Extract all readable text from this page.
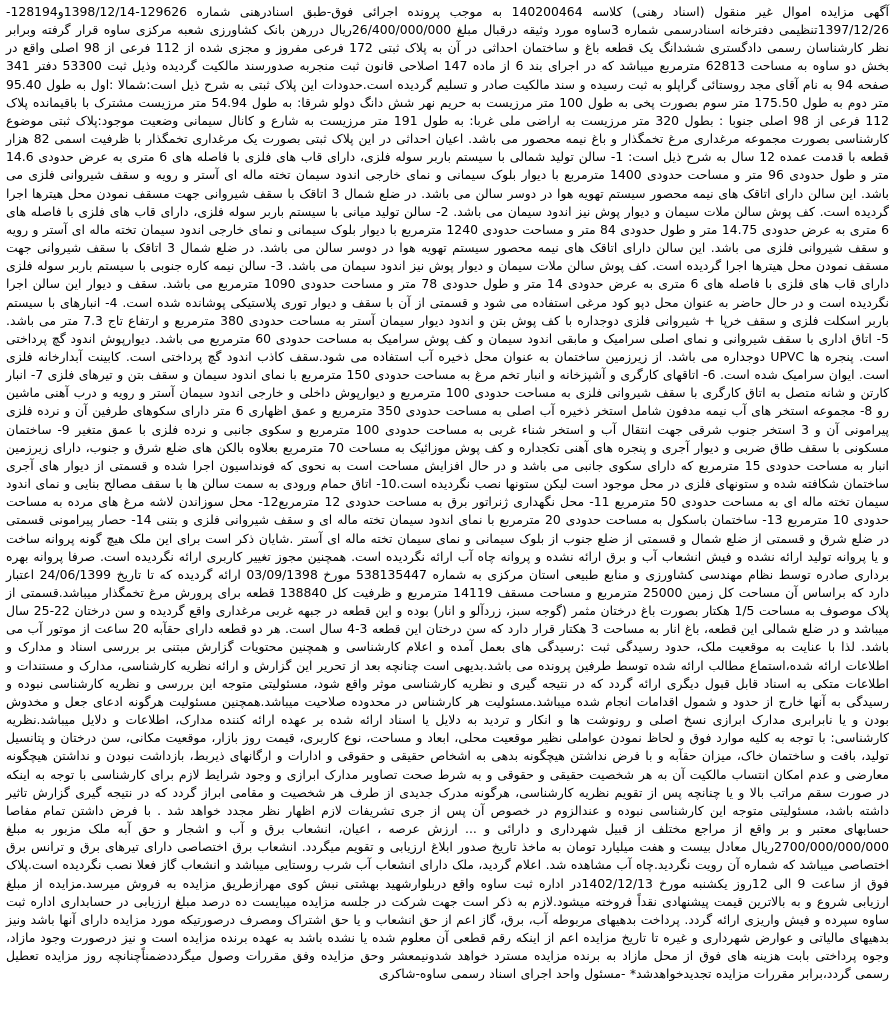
آگهی مزایده اموال غیر منقول (اسناد رهنی) کلاسه 140200464 به موجب پرونده اجرائی فوق-طبق اسنادرهنی شماره 129626-1398/12/14و128194-1397/12/26تنظیمی دفترخانه اسنادرسمی شماره 3ساوه مورد وثیقه درقبال مبلغ 26/400/000/000ریال دررهن بانک کشاورزی شعبه مرکزی ساوه قرار گرفته وبرابر نظر کارشناسان رسمی دادگستری ششدانگ یک قطعه باغ و ساختمان احداثی در آن به پلاک ثبتی 172 فرعی مفروز و مجزی شده از 112 فرعی از 98 اصلی واقع در بخش دو ساوه به مساحت 62813 مترمربع میباشد که در اجرای بند 6 از ماده 147 اصلاحی قانون ثبت منجربه صدورسند مالکیت گردیده وذیل ثبت 53300 دفتر 341 صفحه 94 به نام آقای مجد روستائی گراپلو به ثبت رسیده و سند مالکیت صادر و تسلیم گردیده است.حدودات این پلاک ثبتی به شرح ذیل است:شمالا :اول به طول 95.40 متر دوم به طول 175.50 متر سوم بصورت پخی به طول 100 متر مرزیست به حریم نهر شش دانگ دولو شرقا: به طول 54.94 متر مرزیست مشترک با باقیمانده پلاک 112 فرعی از 98 اصلی جنوبا : بطول 320 متر مرزیست به اراضی ملی غربا: به طول 191 متر مرزیست به شارع و کانال سیمانی وضعیت موجود:پلاک ثبتی موضوع کارشناسی بصورت مجموعه مرغداری مرغ تخمگذار و باغ نیمه محصور می باشد. اعیان احداثی در این پلاک ثبتی بصورت یک مرغداری تخمگذار با ظرفیت اسمی 82 هزار قطعه با قدمت عمده 12 سال به شرح ذیل است: 1- سالن تولید شمالی با سیستم باربر سوله فلزی، دارای قاب های فلزی با فاصله های 6 متری به عرض حدودی 14.6 متر و طول حدودی 96 متر و مساحت حدودی 1400 مترمربع با دیوار بلوک سیمانی و نمای خارجی اندود سیمان تخته ماله ای آستر و رویه و سقف شیروانی فلزی می باشد. این سالن دارای اتاقک های نیمه محصور سیستم تهویه هوا در دوسر سالن می باشد. در ضلع شمال 3 اتاقک با سقف شیروانی جهت مسقف نمودن محل هیترها اجرا گردیده است. کف پوش سالن ملات سیمان و دیوار پوش نیز اندود سیمان می باشد. 2- سالن تولید میانی با سیستم باربر سوله فلزی، دارای قاب های فلزی با فاصله های 6 متری به عرض حدودی 14.75 متر و طول حدودی 84 متر و مساحت حدودی 1240 مترمربع با دیوار بلوک سیمانی و نمای خارجی اندود سیمان تخته ماله ای آستر و رویه و سقف شیروانی فلزی می باشد. این سالن دارای اتاقک های نیمه محصور سیستم تهویه هوا در دوسر سالن می باشد. در ضلع شمال 3 اتاقک با سقف شیروانی جهت مسقف نمودن محل هیترها اجرا گردیده است. کف پوش سالن ملات سیمان و دیوار پوش نیز اندود سیمان می باشد. 3- سالن نیمه کاره جنوبی با سیستم باربر سوله فلزی دارای قاب های فلزی با فاصله های 6 متری به عرض حدودی 14 متر و طول حدودی 78 متر و مساحت حدودی 1090 مترمربع می باشد. سقف و دیوار این سالن اجرا نگردیده است و در حال حاضر به عنوان محل دپو کود مرغی استفاده می شود و قسمتی از آن با سقف و دیوار توری پلاستیکی پوشانده شده است. 4- انبارهای با سیستم باربر اسکلت فلزی و سقف خرپا + شیروانی فلزی دوجداره با کف پوش بتن و اندود دیوار سیمان آستر به مساحت حدودی 380 مترمربع و ارتفاع تاج 7.3 متر می باشد. 5- اتاق اداری با سقف شیروانی و نمای اصلی سرامیک و مابقی اندود سیمان و کف پوش سرامیک به مساحت حدودی 60 مترمربع می باشد. دیوارپوش اندود گچ پرداختی است. پنجره ها UPVC دوجداره می باشد. از زیرزمین ساختمان به عنوان محل ذخیره آب استفاده می شود.سقف کاذب اندود گچ پرداختی است. کابینت آبدارخانه فلزی است. ایوان سرامیک شده است. 6- اتاقهای کارگری و آشپزخانه و انبار تخم مرغ به مساحت حدودی 150 مترمربع با نمای اندود سیمان و سقف بتن و تیرهای فلزی 7- انبار کارتن و شانه متصل به اتاق کارگری با سقف شیروانی فلزی به مساحت حدودی 100 مترمربع و دیوارپوش داخلی و خارجی اندود سیمان آستر و رویه و درب آهنی ماشین رو 8- مجموعه استخر های آب نیمه مدفون شامل استخر ذخیره آب اصلی به مساحت حدودی 350 مترمربع و عمق اظهاری 6 متر دارای سکوهای طرفین آن و نرده فلزی پیرامونی آن و 3 استخر جنوب شرقی جهت انتقال آب و استخر شناء غربی به مساحت حدودی 100 مترمربع و سکوی جانبی و نرده فلزی با عمق متغیر 9- ساختمان مسکونی با سقف طاق ضربی و دیوار آجری و پنجره های آهنی تکجداره و کف پوش موزائیک به مساحت 70 مترمربع بعلاوه بالکن های ضلع شرق و جنوب، دارای زیرزمین انبار به مساحت حدودی 15 مترمربع که دارای سکوی جانبی می باشد و در حال افزایش مساحت است به نحوی که فونداسیون اجرا شده و قسمتی از دیوار های آجری ساختمان شکافته شده و ستونهای فلزی در محل موجود است لیکن ستونها نصب نگردیده است.10- اتاق حمام ورودی به سمت سالن ها با سقف مصالح بنایی و نمای اندود سیمان تخته ماله ای به مساحت حدودی 50 مترمربع 11- محل نگهداری ژنراتور برق به مساحت حدودی 12 مترمربع12- محل سوزاندن لاشه مرغ های مرده به مساحت حدودی 10 مترمربع 13- ساختمان باسکول به مساحت حدودی 20 مترمربع با نمای اندود سیمان تخته ماله ای و سقف شیروانی فلزی و بتنی 14- حصار پیرامونی قسمتی در ضلع شرق و قسمتی از ضلع شمال و قسمتی از ضلع جنوب از بلوک سیمانی و نمای سیمان تخته ماله ای آستر .شایان ذکر است برای این ملک هیچ گونه پروانه ساخت و یا پروانه تولید ارائه نشده و فیش انشعاب آب و برق ارائه نشده و پروانه چاه آب ارائه نگردیده است. همچنین مجوز تغییر کاربری ارائه نگردیده است. صرفا پروانه بهره برداری صادره توسط نظام مهندسی کشاورزی و منابع طبیعی استان مرکزی به شماره 538135447 مورخ 03/09/1398 ارائه گردیده که تا تاریخ 24/06/1399 اعتبار دارد که براساس آن مساحت کل زمین 25000 مترمربع و مساحت مسقف 14119 مترمربع و ظرفیت کل 138840 قطعه برای پرورش مرغ تخمگذار میباشد.قسمتی از پلاک موصوف به مساحت 1/5 هکتار بصورت باغ درختان مثمر (گوجه سبز، زردآلو و انار) بوده و این قطعه در جبهه غربی مرغداری واقع گردیده و سن درختان 22-25 سال میباشد و در ضلع شمالی این قطعه، باغ انار به مساحت 3 هکتار قرار دارد که سن درختان این قطعه 3-4 سال است. هر دو قطعه دارای حقآبه 20 ساعت از موتور آب می باشد. لذا با عنایت به موقعیت ملک، حدود رسیدگی ثبت :رسیدگی های بعمل آمده و اعلام کارشناسی و همچنین محتویات گزارش مبتنی بر بررسی اسناد و مدارک و اطلاعات ارائه شده،استماع مطالب ارائه شده توسط طرفین پرونده می باشد.بدیهی است چنانچه بعد از تحریر این گزارش و ارائه نظریه کارشناسی، مدارک و مستندات و اطلاعات متکی به اسناد قابل قبول دیگری ارائه گردد که در نتیجه گیری و نظریه کارشناسی موثر واقع شود، مسئولیتی متوجه این بررسی و نظریه کارشناسی نبوده و رسیدگی به آنها خارج از حدود و شمول اقدامات انجام شده میباشد.مسئولیت هر کارشناس در محدوده صلاحیت میباشد.همچنین مسئولیت هرگونه ادعای جعل و مخدوش بودن و یا نابرابری مدارک ابرازی نسخ اصلی و رونوشت ها و انکار و تردید به دلایل یا اسناد ارائه شده بر عهده ارائه کننده مدارک، اطلاعات و دلایل میباشد.نظریه کارشناسی: با توجه به کلیه موارد فوق و لحاظ نمودن عواملی نظیر موقعیت محلی، ابعاد و مساحت، نوع کاربری، قیمت روز بازار، موقعیت مکانی، سن درختان و پتانسیل تولید، بافت و ساختمان خاک، میزان حقآبه و با فرض نداشتن هیچگونه بدهی به اشخاص حقیقی و حقوقی و ادارات و ارگانهای ذیربط، بازداشت نبودن و نداشتن هیچگونه معارضی و عدم امکان انتساب مالکیت آن به هر شخصیت حقیقی و حقوقی و به شرط صحت تصاویر مدارک ابرازی و وجود شرایط لازم برای کارشناسی با توجه به اینکه در صورت سقم مراتب بالا و یا چنانچه پس از تقویم نظریه کارشناسی، هرگونه مدرک جدیدی از طرف هر شخصیت و مقامی ابراز گردد که در نتیجه گیری گزارش تاثیر داشته باشد، مسئولیتی متوجه این کارشناسی نبوده و عندالزوم در خصوص آن پس از جری تشریفات لازم اظهار نظر مجدد خواهد شد . با فرض داشتن تمام مفاصا حسابهای معتبر و بر واقع از مراجع مختلف از قبیل شهرداری و دارائی و ... ارزش عرصه ، اعیان، انشعاب برق و آب و اشجار و حق آبه ملک مزبور به مبلغ 2700/000/000/000ریال معادل بیست و هفت میلیارد تومان به ماخذ تاریخ صدور ابلاغ ارزیابی و تقویم میگردد. انشعاب برق اختصاصی دارای تیرهای برق و ترانس برق اختصاصی میباشد که شماره آن رویت نگردید.چاه آب مشاهده شد. اعلام گردید، ملک دارای انشعاب آب شرب روستایی میباشد و انشعاب گاز فعلا نصب نگردیده است.پلاک فوق از ساعت 9 الی 12روز یکشنبه مورخ 1402/12/13در اداره ثبت ساوه واقع دربلوارشهید بهشتی نبش کوی مهرازطریق مزایده به فروش میرسد.مزایده از مبلغ ارزیابی شروع و به بالاترین قیمت پیشنهادی نقداً فروخته میشود.لازم به ذکر است جهت شرکت در جلسه مزایده میبایست ده درصد مبلغ ارزیابی در حسابداری اداره ثبت ساوه سپرده و فیش واریزی ارائه گردد. پرداخت بدهیهای مربوطه آب، برق، گاز اعم از حق انشعاب و یا حق اشتراک ومصرف درصورتیکه مورد مزایده دارای آنها باشد ونیز بدهیهای مالیاتی و عوارض شهرداری و غیره تا تاریخ مزایده اعم از اینکه رقم قطعی آن معلوم شده یا نشده باشد به عهده برنده مزایده است و نیز درصورت وجود مازاد، وجوه پرداختی بابت هزینه های فوق از محل مازاد به برنده مزایده مسترد خواهد شدونیمعشر وحق مزایده وفق مقررات وصول میگرددضمناًچنانچه روز مزایده تعطیل رسمی گردد،برابر مقررات مزایده تجدیدخواهدشد* -مسئول واحد اجرای اسناد رسمی ساوه-شاکری
